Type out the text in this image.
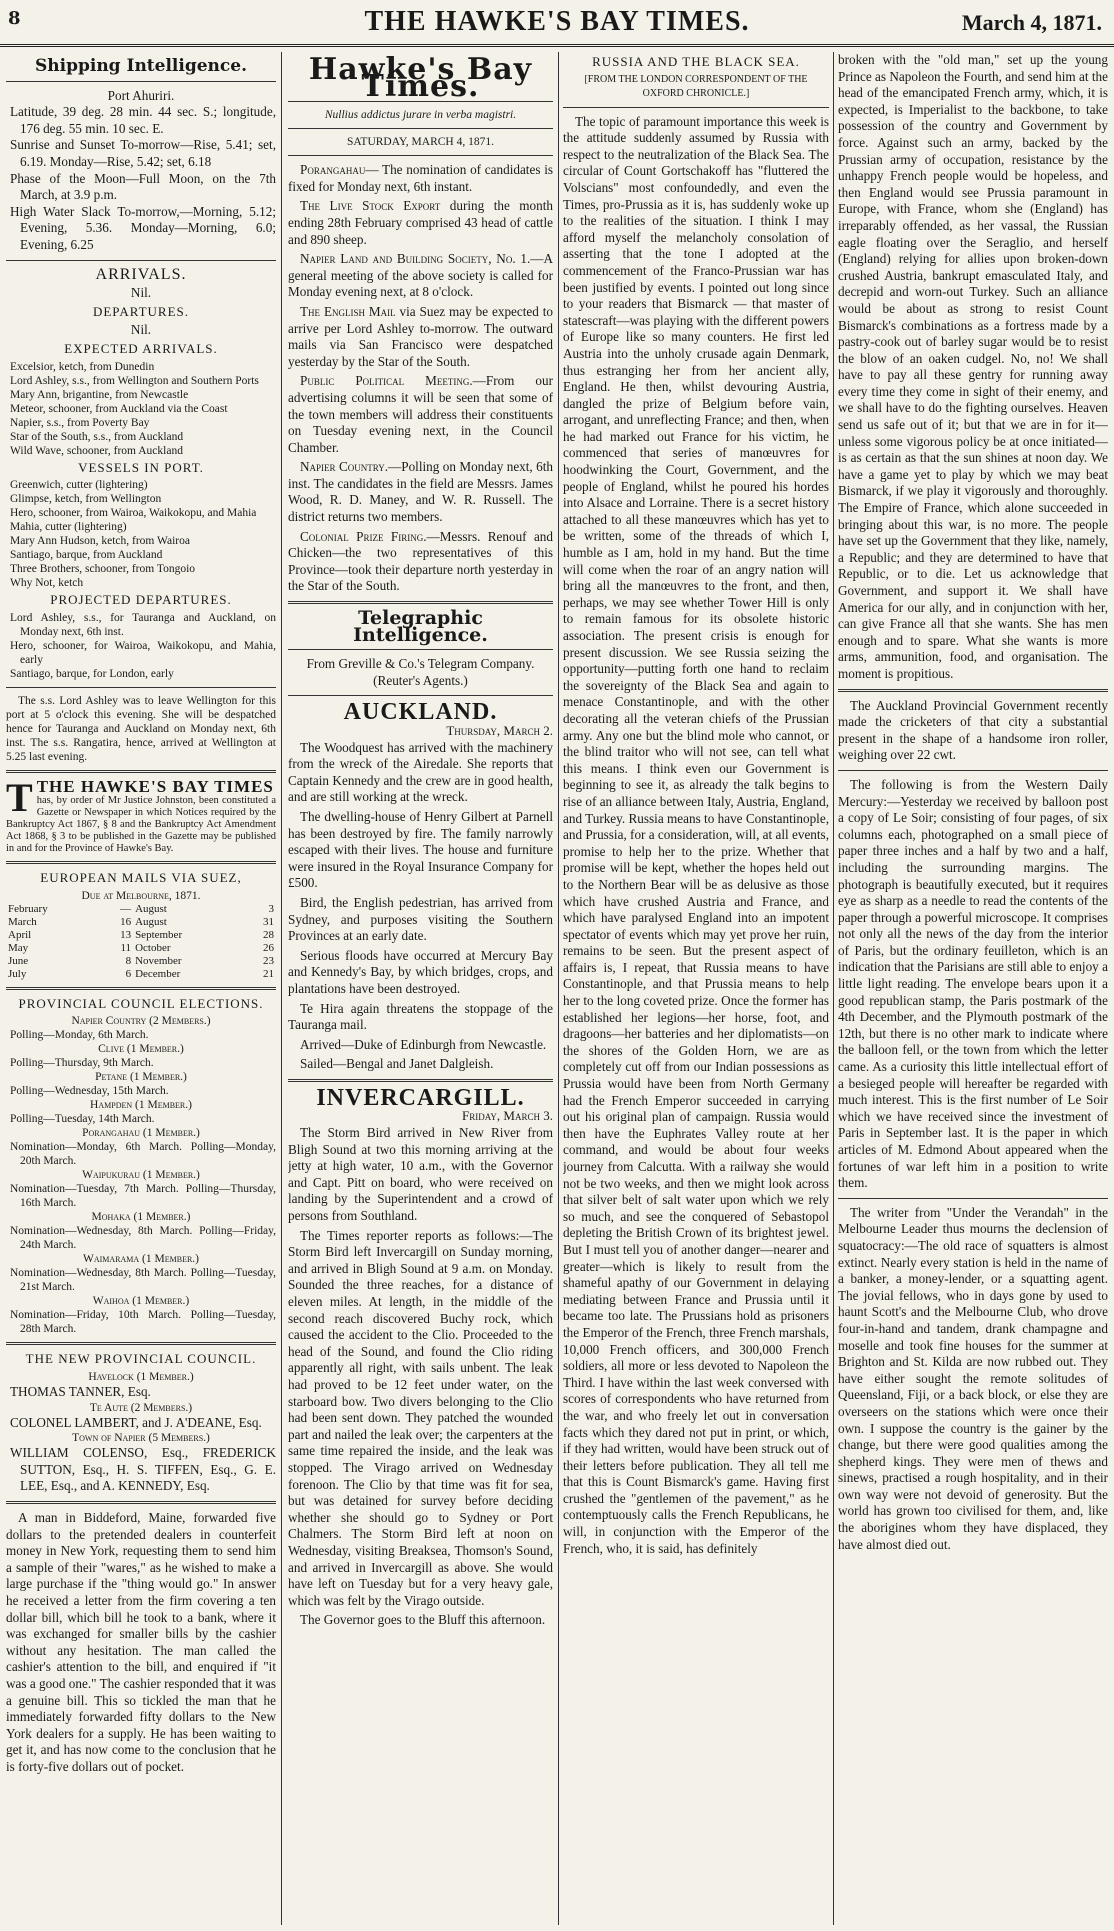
8	THE HAWKE'S BAY TIMES.	March 4, 1871.
Shipping Intelligence.
Port Ahuriri.

Latitude, 39 deg. 28 min. 44 sec. S.; longitude, 176 deg. 55 min. 10 sec. E.

Sunrise and Sunset To-morrow—Rise, 5.41; set, 6.19. Monday—Rise, 5.42; set, 6.18

Phase of the Moon—Full Moon, on the 7th March, at 3.9 p.m.

High Water Slack To-morrow,—Morning, 5.12; Evening, 5.36. Monday—Morning, 6.0; Evening, 6.25

ARRIVALS.
Nil.
DEPARTURES.
Nil.
EXPECTED ARRIVALS.

Excelsior, ketch, from Dunedin

Lord Ashley, s.s., from Wellington and Southern Ports

Mary Ann, brigantine, from Newcastle

Meteor, schooner, from Auckland via the Coast

Napier, s.s., from Poverty Bay

Star of the South, s.s., from Auckland

Wild Wave, schooner, from Auckland

VESSELS IN PORT.

Greenwich, cutter (lightering)

Glimpse, ketch, from Wellington

Hero, schooner, from Wairoa, Waikokopu, and Mahia

Mahia, cutter (lightering)

Mary Ann Hudson, ketch, from Wairoa

Santiago, barque, from Auckland

Three Brothers, schooner, from Tongoio

Why Not, ketch

PROJECTED DEPARTURES.

Lord Ashley, s.s., for Tauranga and Auckland, on Monday next, 6th inst.

Hero, schooner, for Wairoa, Waikokopu, and Mahia, early

Santiago, barque, for London, early

The s.s. Lord Ashley was to leave Wellington for this port at 5 o'clock this evening. She will be despatched hence for Tauranga and Auckland on Monday next, 6th inst. The s.s. Rangatira, hence, arrived at Wellington at 5.25 last evening.

T THE HAWKE'S BAY TIMES
has, by order of Mr Justice Johnston, been constituted a Gazette or Newspaper in which Notices required by the Bankruptcy Act 1867, § 8 and the Bankruptcy Act Amendment Act 1868, § 3 to be published in the Gazette may be published in and for the Province of Hawke's Bay.
EUROPEAN MAILS VIA SUEZ,
Due at Melbourne, 1871.
February	—	August	3
March	16	August	31
April	13	September	28
May	11	October	26
June	8	November	23
July	6	December	21
PROVINCIAL COUNCIL ELECTIONS.
Napier Country (2 Members.)

Polling—Monday, 6th March.

Clive (1 Member.)

Polling—Thursday, 9th March.

Petane (1 Member.)

Polling—Wednesday, 15th March.

Hampden (1 Member.)

Polling—Tuesday, 14th March.

Porangahau (1 Member.)

Nomination—Monday, 6th March. Polling—Monday, 20th March.

Waipukurau (1 Member.)

Nomination—Tuesday, 7th March. Polling—Thursday, 16th March.

Mohaka (1 Member.)

Nomination—Wednesday, 8th March. Polling—Friday, 24th March.

Waimarama (1 Member.)

Nomination—Wednesday, 8th March. Polling—Tuesday, 21st March.

Waihoa (1 Member.)

Nomination—Friday, 10th March. Polling—Tuesday, 28th March.

THE NEW PROVINCIAL COUNCIL.
Havelock (1 Member.)

THOMAS TANNER, Esq.

Te Aute (2 Members.)

COLONEL LAMBERT, and J. A'DEANE, Esq.

Town of Napier (5 Members.)

WILLIAM COLENSO, Esq., FREDERICK SUTTON, Esq., H. S. TIFFEN, Esq., G. E. LEE, Esq., and A. KENNEDY, Esq.

A man in Biddeford, Maine, forwarded five dollars to the pretended dealers in counterfeit money in New York, requesting them to send him a sample of their "wares," as he wished to make a large purchase if the "thing would go." In answer he received a letter from the firm covering a ten dollar bill, which bill he took to a bank, where it was exchanged for smaller bills by the cashier without any hesitation. The man called the cashier's attention to the bill, and enquired if "it was a good one." The cashier responded that it was a genuine bill. This so tickled the man that he immediately forwarded fifty dollars to the New York dealers for a supply. He has been waiting to get it, and has now come to the conclusion that he is forty-five dollars out of pocket.

Hawke's Bay Times.
Nullius addictus jurare in verba magistri.
SATURDAY, MARCH 4, 1871.

Porangahau— The nomination of candidates is fixed for Monday next, 6th instant.

The Live Stock Export during the month ending 28th February comprised 43 head of cattle and 890 sheep.

Napier Land and Building Society, No. 1.—A general meeting of the above society is called for Monday evening next, at 8 o'clock.

The English Mail via Suez may be expected to arrive per Lord Ashley to-morrow. The outward mails via San Francisco were despatched yesterday by the Star of the South.

Public Political Meeting.—From our advertising columns it will be seen that some of the town members will address their constituents on Tuesday evening next, in the Council Chamber.

Napier Country.—Polling on Monday next, 6th inst. The candidates in the field are Messrs. James Wood, R. D. Maney, and W. R. Russell. The district returns two members.

Colonial Prize Firing.—Messrs. Renouf and Chicken—the two representatives of this Province—took their departure north yesterday in the Star of the South.

Telegraphic Intelligence.
From Greville & Co.'s Telegram Company. (Reuter's Agents.)
AUCKLAND.
Thursday, March 2.

The Woodquest has arrived with the machinery from the wreck of the Airedale. She reports that Captain Kennedy and the crew are in good health, and are still working at the wreck.

The dwelling-house of Henry Gilbert at Parnell has been destroyed by fire. The family narrowly escaped with their lives. The house and furniture were insured in the Royal Insurance Company for £500.

Bird, the English pedestrian, has arrived from Sydney, and purposes visiting the Southern Provinces at an early date.

Serious floods have occurred at Mercury Bay and Kennedy's Bay, by which bridges, crops, and plantations have been destroyed.

Te Hira again threatens the stoppage of the Tauranga mail.

Arrived—Duke of Edinburgh from Newcastle.

Sailed—Bengal and Janet Dalgleish.

INVERCARGILL.
Friday, March 3.

The Storm Bird arrived in New River from Bligh Sound at two this morning arriving at the jetty at high water, 10 a.m., with the Governor and Capt. Pitt on board, who were received on landing by the Superintendent and a crowd of persons from Southland.

The Times reporter reports as follows:—The Storm Bird left Invercargill on Sunday morning, and arrived in Bligh Sound at 9 a.m. on Monday. Sounded the three reaches, for a distance of eleven miles. At length, in the middle of the second reach discovered Buchy rock, which caused the accident to the Clio. Proceeded to the head of the Sound, and found the Clio riding apparently all right, with sails unbent. The leak had proved to be 12 feet under water, on the starboard bow. Two divers belonging to the Clio had been sent down. They patched the wounded part and nailed the leak over; the carpenters at the same time repaired the inside, and the leak was stopped. The Virago arrived on Wednesday forenoon. The Clio by that time was fit for sea, but was detained for survey before deciding whether she should go to Sydney or Port Chalmers. The Storm Bird left at noon on Wednesday, visiting Breaksea, Thomson's Sound, and arrived in Invercargill as above. She would have left on Tuesday but for a very heavy gale, which was felt by the Virago outside.

The Governor goes to the Bluff this afternoon.

RUSSIA AND THE BLACK SEA.
[FROM THE LONDON CORRESPONDENT OF THE OXFORD CHRONICLE.]

The topic of paramount importance this week is the attitude suddenly assumed by Russia with respect to the neutralization of the Black Sea. The circular of Count Gortschakoff has "fluttered the Volscians" most confoundedly, and even the Times, pro-Prussia as it is, has suddenly woke up to the realities of the situation. I think I may afford myself the melancholy consolation of asserting that the tone I adopted at the commencement of the Franco-Prussian war has been justified by events. I pointed out long since to your readers that Bismarck — that master of statescraft—was playing with the different powers of Europe like so many counters. He first led Austria into the unholy crusade again Denmark, thus estranging her from her ancient ally, England. He then, whilst devouring Austria, dangled the prize of Belgium before vain, arrogant, and unreflecting France; and then, when he had marked out France for his victim, he commenced that series of manœuvres for hoodwinking the Court, Government, and the people of England, whilst he poured his hordes into Alsace and Lorraine. There is a secret history attached to all these manœuvres which has yet to be written, some of the threads of which I, humble as I am, hold in my hand. But the time will come when the roar of an angry nation will bring all the manœuvres to the front, and then, perhaps, we may see whether Tower Hill is only to remain famous for its obsolete historic association. The present crisis is enough for present discussion. We see Russia seizing the opportunity—putting forth one hand to reclaim the sovereignty of the Black Sea and again to menace Constantinople, and with the other decorating all the veteran chiefs of the Prussian army. Any one but the blind mole who cannot, or the blind traitor who will not see, can tell what this means. I think even our Government is beginning to see it, as already the talk begins to rise of an alliance between Italy, Austria, England, and Turkey. Russia means to have Constantinople, and Prussia, for a consideration, will, at all events, promise to help her to the prize. Whether that promise will be kept, whether the hopes held out to the Northern Bear will be as delusive as those which have crushed Austria and France, and which have paralysed England into an impotent spectator of events which may yet prove her ruin, remains to be seen. But the present aspect of affairs is, I repeat, that Russia means to have Constantinople, and that Prussia means to help her to the long coveted prize. Once the former has established her legions—her horse, foot, and dragoons—her batteries and her diplomatists—on the shores of the Golden Horn, we are as completely cut off from our Indian possessions as Prussia would have been from North Germany had the French Emperor succeeded in carrying out his original plan of campaign. Russia would then have the Euphrates Valley route at her command, and would be about four weeks journey from Calcutta. With a railway she would not be two weeks, and then we might look across that silver belt of salt water upon which we rely so much, and see the conquered of Sebastopol depleting the British Crown of its brightest jewel. But I must tell you of another danger—nearer and greater—which is likely to result from the shameful apathy of our Government in delaying mediating between France and Prussia until it became too late. The Prussians hold as prisoners the Emperor of the French, three French marshals, 10,000 French officers, and 300,000 French soldiers, all more or less devoted to Napoleon the Third. I have within the last week conversed with scores of correspondents who have returned from the war, and who freely let out in conversation facts which they dared not put in print, or which, if they had written, would have been struck out of their letters before publication. They all tell me that this is Count Bismarck's game. Having first crushed the "gentlemen of the pavement," as he contemptuously calls the French Republicans, he will, in conjunction with the Emperor of the French, who, it is said, has definitely

broken with the "old man," set up the young Prince as Napoleon the Fourth, and send him at the head of the emancipated French army, which, it is expected, is Imperialist to the backbone, to take possession of the country and Government by force. Against such an army, backed by the Prussian army of occupation, resistance by the unhappy French people would be hopeless, and then England would see Prussia paramount in Europe, with France, whom she (England) has irreparably offended, as her vassal, the Russian eagle floating over the Seraglio, and herself (England) relying for allies upon broken-down crushed Austria, bankrupt emasculated Italy, and decrepid and worn-out Turkey. Such an alliance would be about as strong to resist Count Bismarck's combinations as a fortress made by a pastry-cook out of barley sugar would be to resist the blow of an oaken cudgel. No, no! We shall have to pay all these gentry for running away every time they come in sight of their enemy, and we shall have to do the fighting ourselves. Heaven send us safe out of it; but that we are in for it—unless some vigorous policy be at once initiated—is as certain as that the sun shines at noon day. We have a game yet to play by which we may beat Bismarck, if we play it vigorously and thoroughly. The Empire of France, which alone succeeded in bringing about this war, is no more. The people have set up the Government that they like, namely, a Republic; and they are determined to have that Republic, or to die. Let us acknowledge that Government, and support it. We shall have America for our ally, and in conjunction with her, can give France all that she wants. She has men enough and to spare. What she wants is more arms, ammunition, food, and organisation. The moment is propitious.

The Auckland Provincial Government recently made the cricketers of that city a substantial present in the shape of a handsome iron roller, weighing over 22 cwt.

The following is from the Western Daily Mercury:—Yesterday we received by balloon post a copy of Le Soir; consisting of four pages, of six columns each, photographed on a small piece of paper three inches and a half by two and a half, including the surrounding margins. The photograph is beautifully executed, but it requires eye as sharp as a needle to read the contents of the paper through a powerful microscope. It comprises not only all the news of the day from the interior of Paris, but the ordinary feuilleton, which is an indication that the Parisians are still able to enjoy a little light reading. The envelope bears upon it a good republican stamp, the Paris postmark of the 4th December, and the Plymouth postmark of the 12th, but there is no other mark to indicate where the balloon fell, or the town from which the letter came. As a curiosity this little intellectual effort of a besieged people will hereafter be regarded with much interest. This is the first number of Le Soir which we have received since the investment of Paris in September last. It is the paper in which articles of M. Edmond About appeared when the fortunes of war left him in a position to write them.

The writer from "Under the Verandah" in the Melbourne Leader thus mourns the declension of squatocracy:—The old race of squatters is almost extinct. Nearly every station is held in the name of a banker, a money-lender, or a squatting agent. The jovial fellows, who in days gone by used to haunt Scott's and the Melbourne Club, who drove four-in-hand and tandem, drank champagne and moselle and took fine houses for the summer at Brighton and St. Kilda are now rubbed out. They have either sought the remote solitudes of Queensland, Fiji, or a back block, or else they are overseers on the stations which were once their own. I suppose the country is the gainer by the change, but there were good qualities among the shepherd kings. They were men of thews and sinews, practised a rough hospitality, and in their own way were not devoid of generosity. But the world has grown too civilised for them, and, like the aborigines whom they have displaced, they have almost died out.
